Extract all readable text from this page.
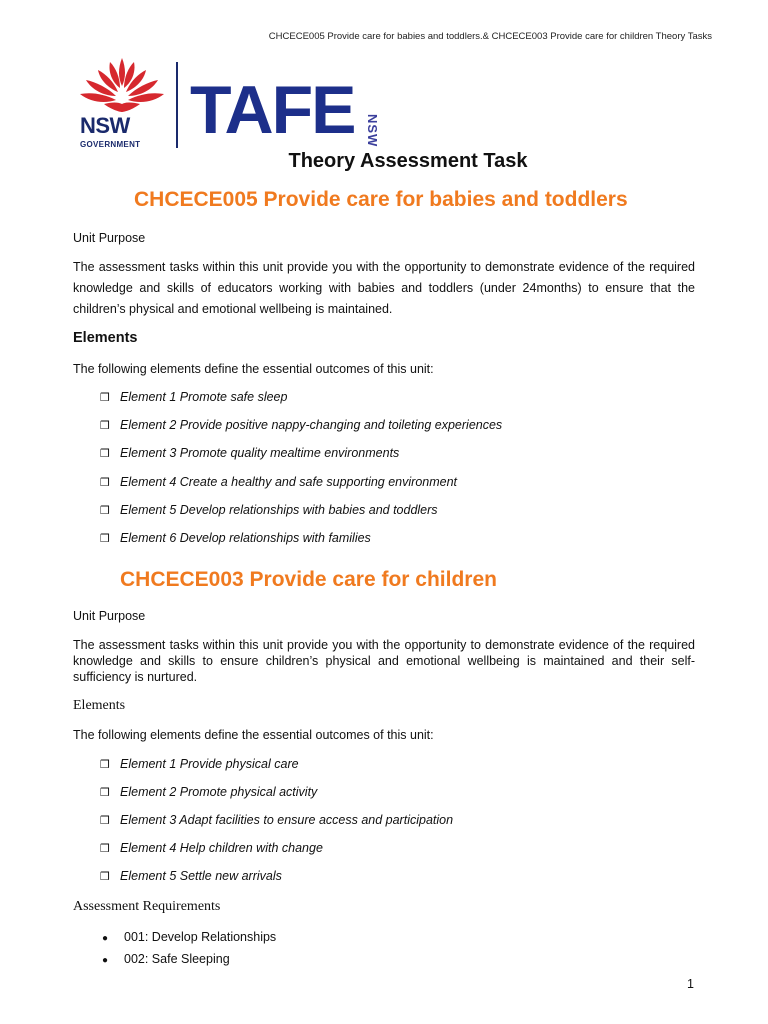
CHCECE005 Provide care for babies and toddlers.& CHCECE003 Provide care for children Theory Tasks
NSW
GOVERNMENT TAFE NSW
Theory Assessment Task
CHCECE005 Provide care for babies and toddlers
Unit Purpose
The assessment tasks within this unit provide you with the opportunity to demonstrate evidence of the required knowledge and skills of educators working with babies and toddlers (under 24months) to ensure that the children’s physical and emotional wellbeing is maintained.
Elements
The following elements define the essential outcomes of this unit:
❒ Element 1 Promote safe sleep
❒ Element 2 Provide positive nappy-changing and toileting experiences
❒ Element 3 Promote quality mealtime environments
❒ Element 4 Create a healthy and safe supporting environment
❒ Element 5 Develop relationships with babies and toddlers
❒ Element 6 Develop relationships with families
CHCECE003 Provide care for children
Unit Purpose
The assessment tasks within this unit provide you with the opportunity to demonstrate evidence of the required knowledge and skills to ensure children’s physical and emotional wellbeing is maintained and their self-sufficiency is nurtured.
Elements
The following elements define the essential outcomes of this unit:
❒ Element 1 Provide physical care
❒ Element 2 Promote physical activity
❒ Element 3 Adapt facilities to ensure access and participation
❒ Element 4 Help children with change
❒ Element 5 Settle new arrivals
Assessment Requirements
● 001: Develop Relationships
● 002: Safe Sleeping
1
